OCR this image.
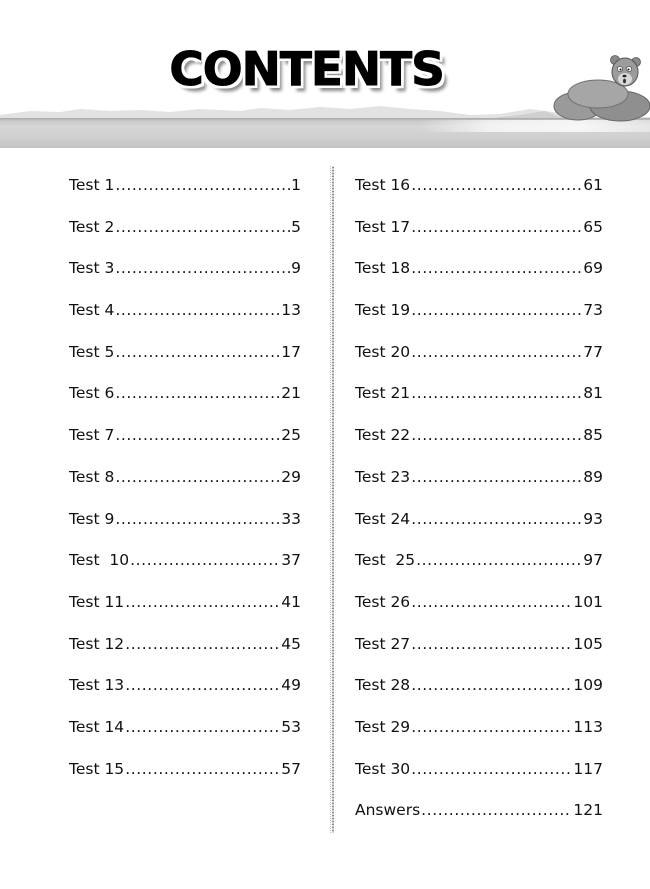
CONTENTS
Test 1 .....	1
Test 2 .....	5
Test 3 .....	9
Test 4 .....	13
Test 5 .....	17
Test 6 .....	21
Test 7 .....	25
Test 8 .....	29
Test 9 .....	33
Test  10 .....	37
Test 11 .....	41
Test 12 .....	45
Test 13 .....	49
Test 14 .....	53
Test 15 .....	57
Test 16 .....	61
Test 17 .....	65
Test 18 .....	69
Test 19 .....	73
Test 20 .....	77
Test 21 .....	81
Test 22 .....	85
Test 23 .....	89
Test 24 .....	93
Test  25 .....	97
Test 26 .....	101
Test 27 .....	105
Test 28 .....	109
Test 29 .....	113
Test 30 .....	117
Answers .....	121
